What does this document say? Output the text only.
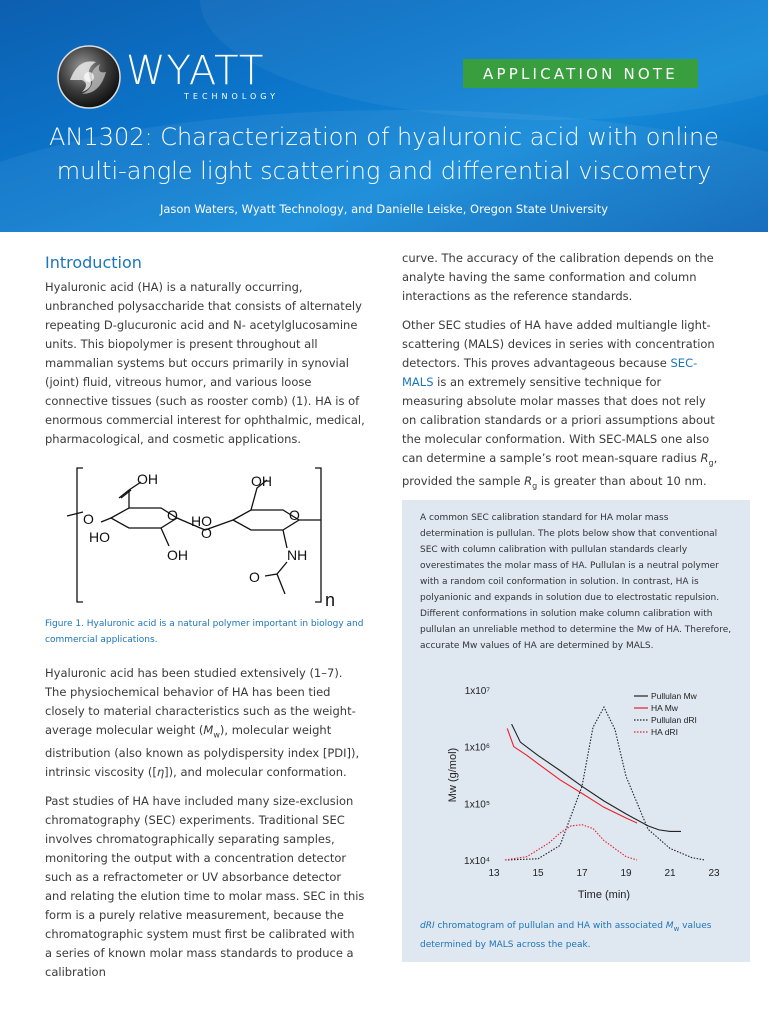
WYATT
TECHNOLOGY
APPLICATION NOTE
AN1302: Characterization of hyaluronic acid with online
multi-angle light scattering and differential viscometry
Jason Waters, Wyatt Technology, and Danielle Leiske, Oregon State University
Introduction

Hyaluronic acid (HA) is a naturally occurring, unbranched polysaccharide that consists of alternately repeating D-glucuronic acid and N- acetylglucosamine units. This biopolymer is present throughout all mammalian systems but occurs primarily in synovial (joint) fluid, vitreous humor, and various loose connective tissues (such as rooster comb) (1). HA is of enormous commercial interest for ophthalmic, medical, pharmacological, and cosmetic applications.

OH
O
O
HO
OH
O
OH
HO	O
NH
O
n
Figure 1. Hyaluronic acid is a natural polymer important in biology and commercial applications.

Hyaluronic acid has been studied extensively (1–7). The physiochemical behavior of HA has been tied closely to material characteristics such as the weight-average molecular weight $(M_w)$, molecular weight distribution (also known as polydispersity index [PDI]), intrinsic viscosity ([η]), and molecular conformation.

Past studies of HA have included many size-exclusion chromatography (SEC) experiments. Traditional SEC involves chromatographically separating samples, monitoring the output with a concentration detector such as a refractometer or UV absorbance detector and relating the elution time to molar mass. SEC in this form is a purely relative measurement, because the chromatographic system must first be calibrated with a series of known molar mass standards to produce a calibration

curve. The accuracy of the calibration depends on the analyte having the same conformation and column interactions as the reference standards.

Other SEC studies of HA have added multiangle light-scattering (MALS) devices in series with concentration detectors. This proves advantageous because SEC-MALS is an extremely sensitive technique for measuring absolute molar masses that does not rely on calibration standards or a priori assumptions about the molecular conformation. With SEC-MALS one also can determine a sample’s root mean-square radius $R_g$, provided the sample $R_g$ is greater than about 10 nm.

A common SEC calibration standard for HA molar mass determination is pullulan. The plots below show that conventional SEC with column calibration with pullulan standards clearly overestimates the molar mass of HA. Pullulan is a neutral polymer with a random coil conformation in solution. In contrast, HA is polyanionic and expands in solution due to electrostatic repulsion. Different conformations in solution make column calibration with pullulan an unreliable method to determine the Mw of HA. Therefore, accurate Mw values of HA are determined by MALS.
13	15	17	19	21	23
1x10⁴
1x10⁵
1x10⁶
1x10⁷
Time (min)
Mw (g/mol)
Pullulan Mw
HA Mw
Pullulan dRI
HA dRI
dRI chromatogram of pullulan and HA with associated $M_w$ values determined by MALS across the peak.
